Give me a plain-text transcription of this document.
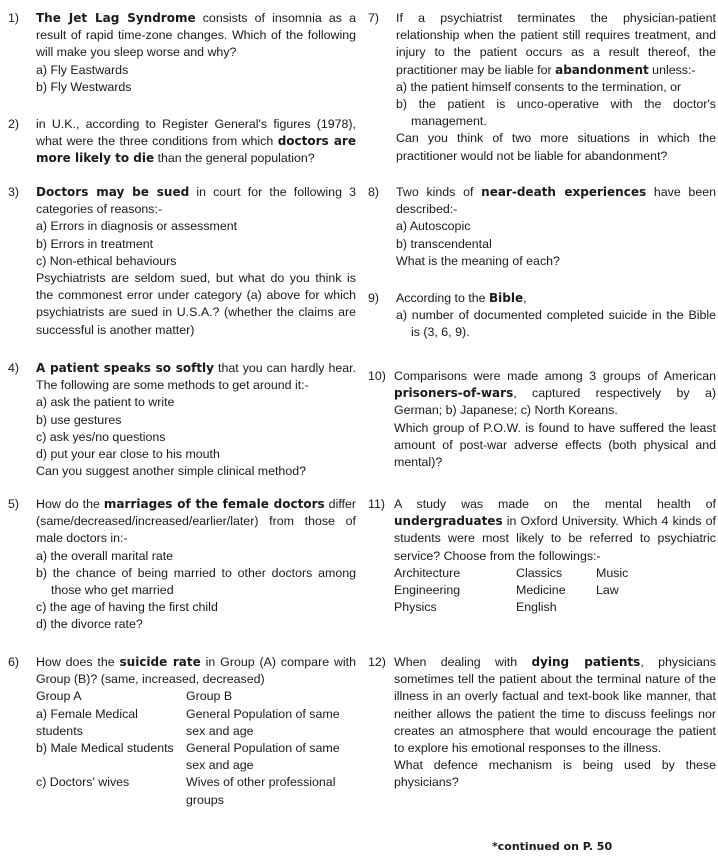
1) The Jet Lag Syndrome consists of insomnia as a result of rapid time-zone changes. Which of the following will make you sleep worse and why?
a) Fly Eastwards
b) Fly Westwards
2) in U.K., according to Register General's figures (1978), what were the three conditions from which doctors are more likely to die than the general population?
3) Doctors may be sued in court for the following 3 categories of reasons:-
a) Errors in diagnosis or assessment
b) Errors in treatment
c) Non-ethical behaviours
Psychiatrists are seldom sued, but what do you think is the commonest error under category (a) above for which psychiatrists are sued in U.S.A.? (whether the claims are successful is another matter)
4) A patient speaks so softly that you can hardly hear. The following are some methods to get around it:-
a) ask the patient to write
b) use gestures
c) ask yes/no questions
d) put your ear close to his mouth
Can you suggest another simple clinical method?
5) How do the marriages of the female doctors differ (same/decreased/increased/earlier/later) from those of male doctors in:-
a) the overall marital rate
b) the chance of being married to other doctors among those who get married
c) the age of having the first child
d) the divorce rate?
6) How does the suicide rate in Group (A) compare with Group (B)? (same, increased, decreased)
Group A	Group B
a) Female Medical students	General Population of same sex and age
b) Male Medical students	General Population of same sex and age
c) Doctors' wives	Wives of other professional groups
7) If a psychiatrist terminates the physician-patient relationship when the patient still requires treatment, and injury to the patient occurs as a result thereof, the practitioner may be liable for abandonment unless:-
a) the patient himself consents to the termination, or
b) the patient is unco-operative with the doctor's management.
Can you think of two more situations in which the practitioner would not be liable for abandonment?
8) Two kinds of near-death experiences have been described:-
a) Autoscopic
b) transcendental
What is the meaning of each?
9) According to the Bible,
a) number of documented completed suicide in the Bible is (3, 6, 9).
10) Comparisons were made among 3 groups of American prisoners-of-wars, captured respectively by a) German; b) Japanese; c) North Koreans.
Which group of P.O.W. is found to have suffered the least amount of post-war adverse effects (both physical and mental)?
11) A study was made on the mental health of undergraduates in Oxford University. Which 4 kinds of students were most likely to be referred to psychiatric service? Choose from the followings:-
Architecture	Classics	Music
Engineering	Medicine	Law
Physics	English
12) When dealing with dying patients, physicians sometimes tell the patient about the terminal nature of the illness in an overly factual and text-book like manner, that neither allows the patient the time to discuss feelings nor creates an atmosphere that would encourage the patient to explore his emotional responses to the illness.
What defence mechanism is being used by these physicians?
*continued on P. 50
